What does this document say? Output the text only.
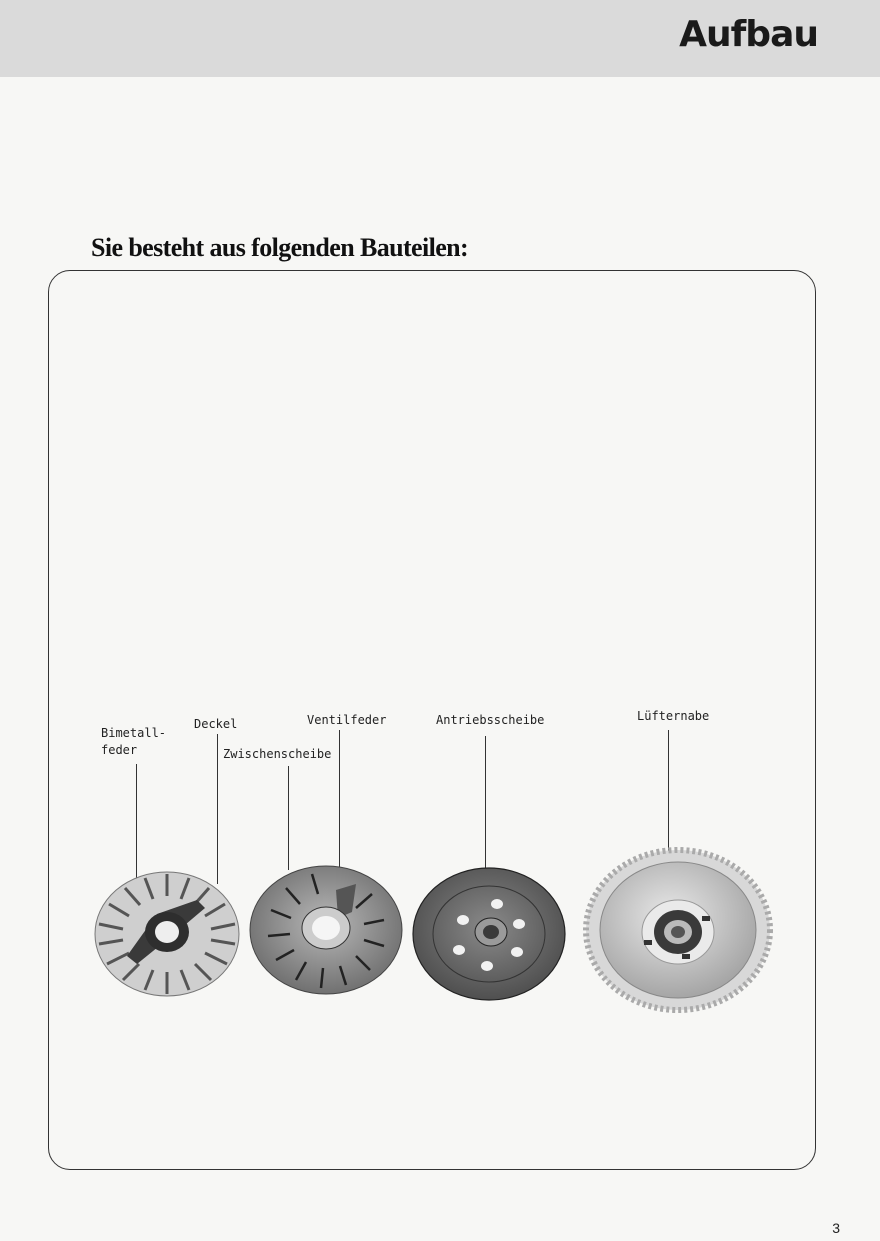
Aufbau
Sie besteht aus folgenden Bauteilen:
Bimetall-
feder
Deckel
Zwischenscheibe
Ventilfeder	Antriebsscheibe	Lüfternabe
3
